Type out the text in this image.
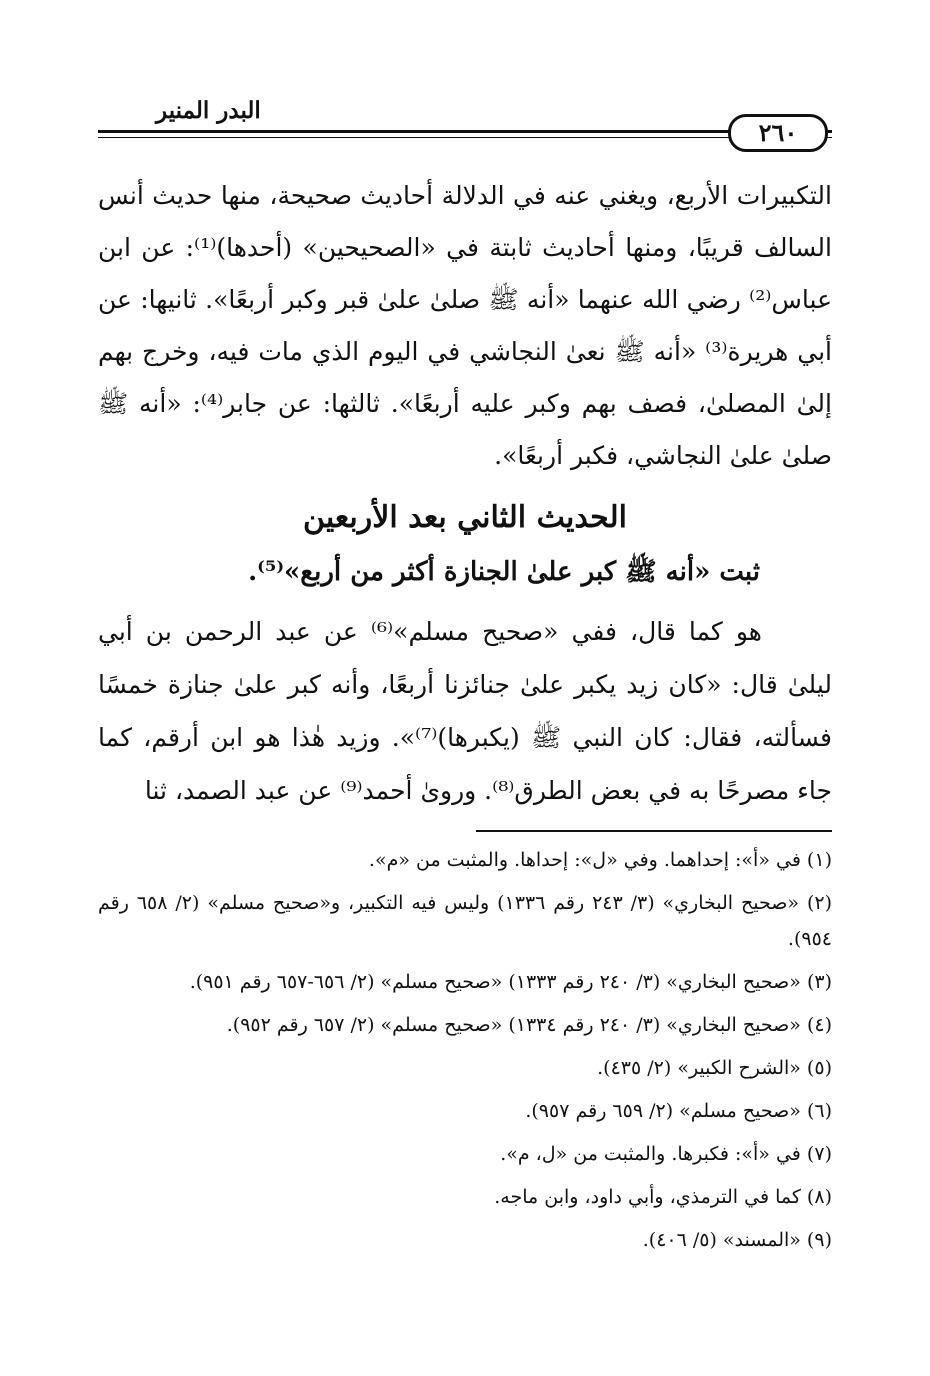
البدر المنير
٢٦٠

التكبيرات الأربع، ويغني عنه في الدلالة أحاديث صحيحة، منها حديث أنس السالف قريبًا، ومنها أحاديث ثابتة في «الصحيحين» (أحدها)⁽¹⁾: عن ابن عباس⁽²⁾ رضي الله عنهما «أنه ﷺ صلىٰ علىٰ قبر وكبر أربعًا». ثانيها: عن أبي هريرة⁽³⁾ «أنه ﷺ نعىٰ النجاشي في اليوم الذي مات فيه، وخرج بهم إلىٰ المصلىٰ، فصف بهم وكبر عليه أربعًا». ثالثها: عن جابر⁽⁴⁾: «أنه ﷺ صلىٰ علىٰ النجاشي، فكبر أربعًا».

الحديث الثاني بعد الأربعين
ثبت «أنه ﷺ كبر علىٰ الجنازة أكثر من أربع»⁽⁵⁾.

هو كما قال، ففي «صحيح مسلم»⁽⁶⁾ عن عبد الرحمن بن أبي ليلىٰ قال: «كان زيد يكبر علىٰ جنائزنا أربعًا، وأنه كبر علىٰ جنازة خمسًا فسألته، فقال: كان النبي ﷺ (يكبرها)⁽⁷⁾». وزيد هٰذا هو ابن أرقم، كما جاء مصرحًا به في بعض الطرق⁽⁸⁾. وروىٰ أحمد⁽⁹⁾ عن عبد الصمد، ثنا

(١) في «أ»: إحداهما. وفي «ل»: إحداها. والمثبت من «م».

(٢) «صحيح البخاري» (٣/ ٢٤٣ رقم ١٣٣٦) وليس فيه التكبير، و«صحيح مسلم» (٢/ ٦٥٨ رقم ٩٥٤).

(٣) «صحيح البخاري» (٣/ ٢٤٠ رقم ١٣٣٣) «صحيح مسلم» (٢/ ٦٥٦-٦٥٧ رقم ٩٥١).

(٤) «صحيح البخاري» (٣/ ٢٤٠ رقم ١٣٣٤) «صحيح مسلم» (٢/ ٦٥٧ رقم ٩٥٢).

(٥) «الشرح الكبير» (٢/ ٤٣٥).

(٦) «صحيح مسلم» (٢/ ٦٥٩ رقم ٩٥٧).

(٧) في «أ»: فكبرها. والمثبت من «ل، م».

(٨) كما في الترمذي، وأبي داود، وابن ماجه.

(٩) «المسند» (٥/ ٤٠٦).
